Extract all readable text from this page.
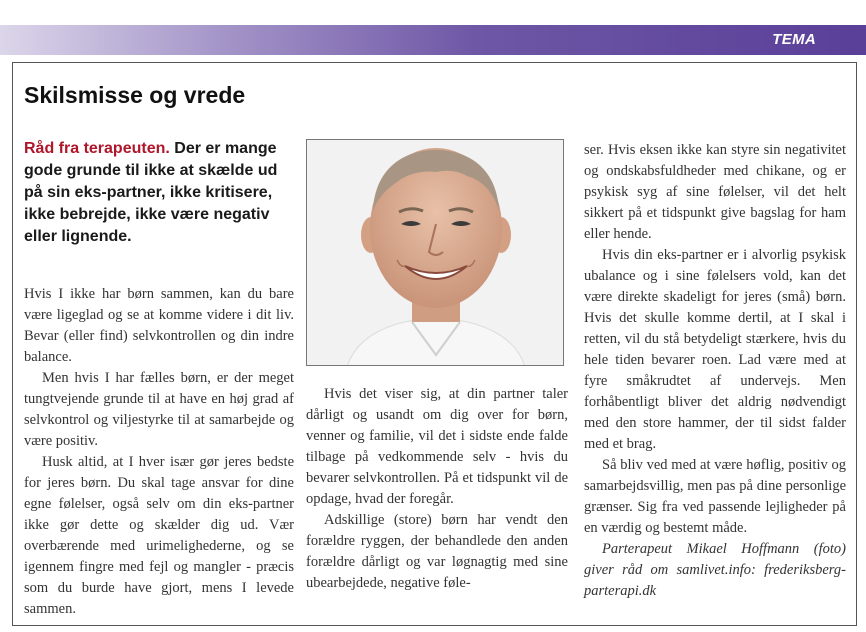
TEMA
Skilsmisse og vrede
Råd fra terapeuten. Der er mange gode grunde til ikke at skælde ud på sin eks-partner, ikke kritisere, ikke bebrejde, ikke være negativ eller lignende.

Hvis I ikke har børn sammen, kan du bare være ligeglad og se at komme videre i dit liv. Bevar (eller find) selvkontrollen og din indre balance.

Men hvis I har fælles børn, er der meget tungtvejende grunde til at have en høj grad af selvkontrol og viljestyrke til at samarbejde og være positiv.

Husk altid, at I hver især gør jeres bedste for jeres børn. Du skal tage ansvar for dine egne følelser, også selv om din eks-partner ikke gør dette og skælder dig ud. Vær overbærende med urimelighederne, og se igennem fingre med fejl og mangler - præcis som du burde have gjort, mens I levede sammen.

Hvis det viser sig, at din partner taler dårligt og usandt om dig over for børn, venner og familie, vil det i sidste ende falde tilbage på vedkommende selv - hvis du bevarer selvkontrollen. På et tidspunkt vil de opdage, hvad der foregår.

Adskillige (store) børn har vendt den forældre ryggen, der behandlede den anden forældre dårligt og var løgnagtig med sine ubearbejdede, negative føle-

ser. Hvis eksen ikke kan styre sin negativitet og ondskabsfuldheder med chikane, og er psykisk syg af sine følelser, vil det helt sikkert på et tidspunkt give bagslag for ham eller hende.

Hvis din eks-partner er i alvorlig psykisk ubalance og i sine følelsers vold, kan det være direkte skadeligt for jeres (små) børn. Hvis det skulle komme dertil, at I skal i retten, vil du stå betydeligt stærkere, hvis du hele tiden bevarer roen. Lad være med at fyre småkrudtet af undervejs. Men forhåbentligt bliver det aldrig nødvendigt med den store hammer, der til sidst falder med et brag.

Så bliv ved med at være høflig, positiv og samarbejdsvillig, men pas på dine personlige grænser. Sig fra ved passende lejligheder på en værdig og bestemt måde.

Parterapeut Mikael Hoffmann (foto) giver råd om samlivet.info: frederiksberg-parterapi.dk
